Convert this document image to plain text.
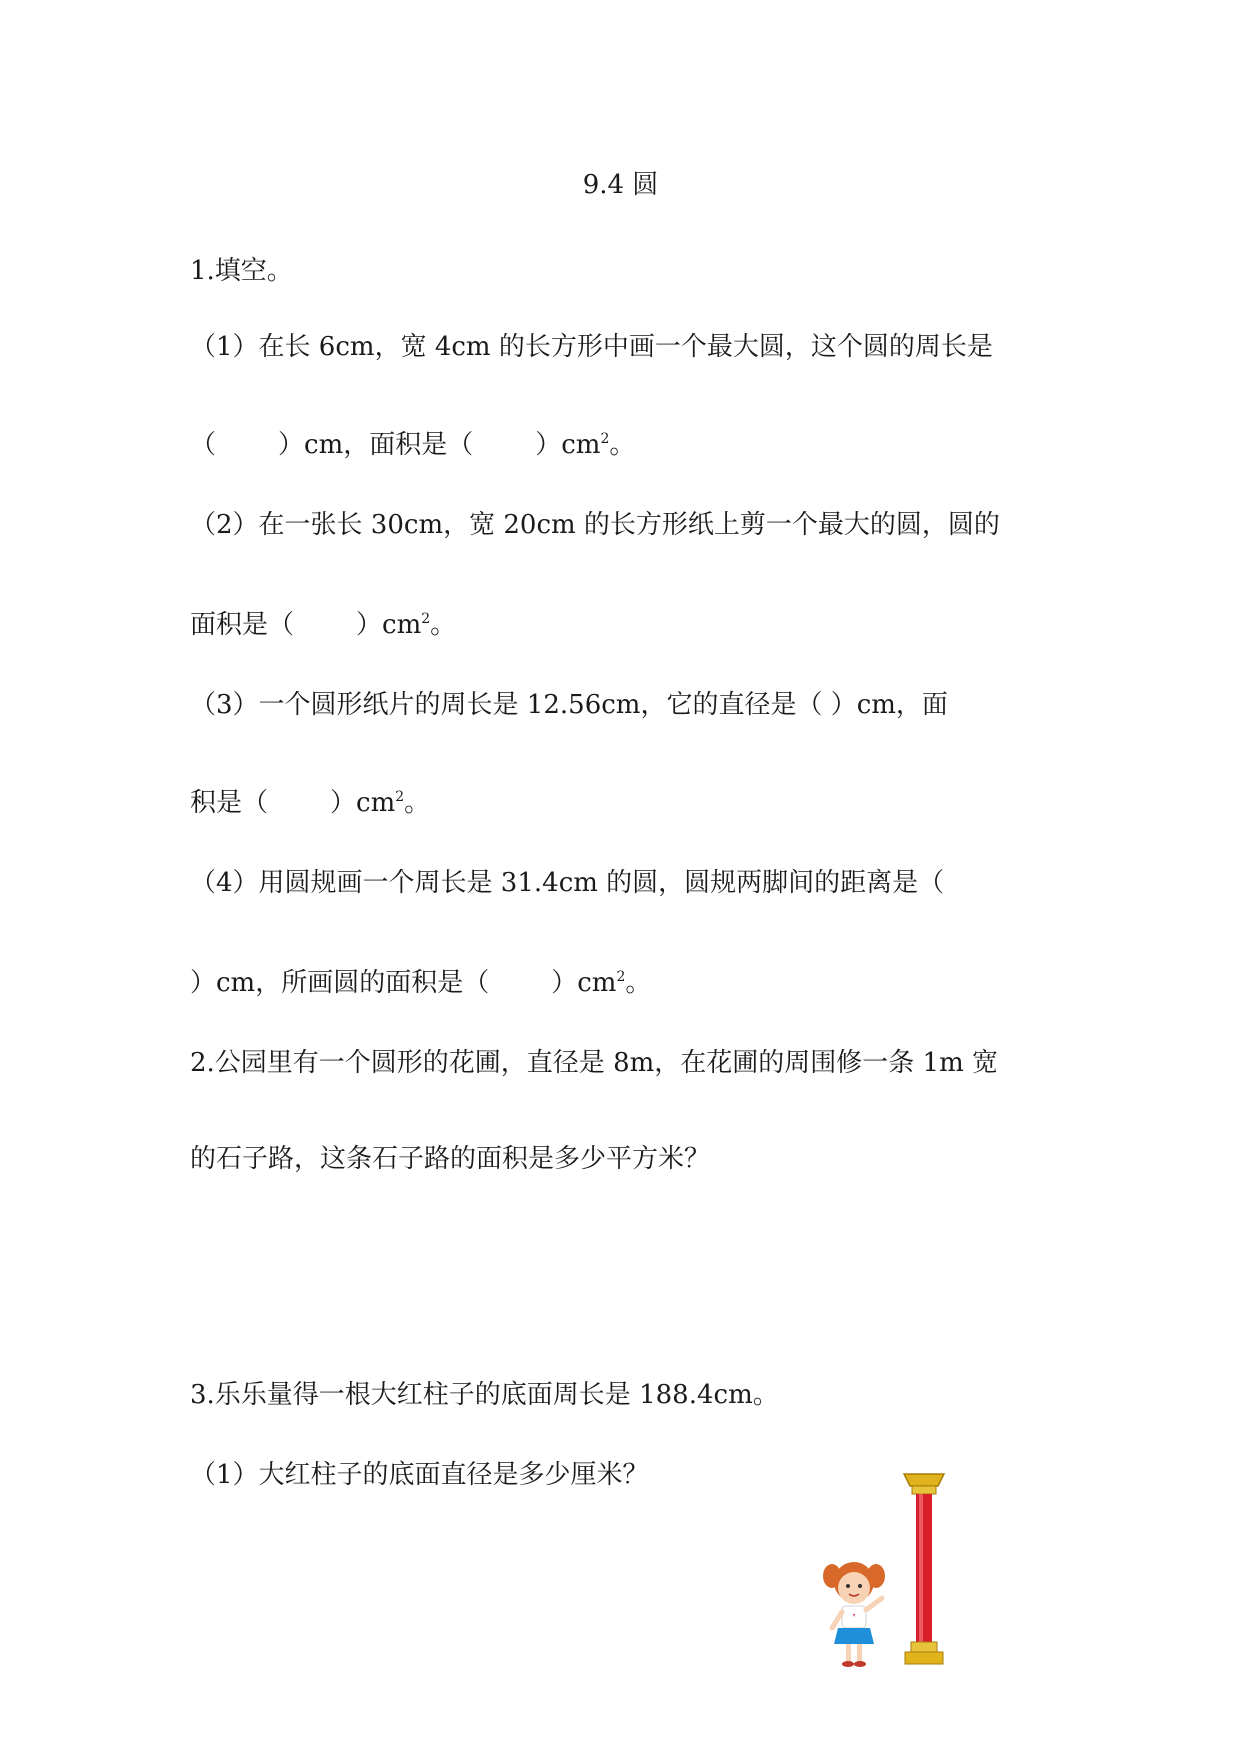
9.4 圆
1.填空。
（1）在长 6cm，宽 4cm 的长方形中画一个最大圆，这个圆的周长是
（ ）cm，面积是（ ）$cm^2$。
（2）在一张长 30cm，宽 20cm 的长方形纸上剪一个最大的圆，圆的
面积是（ ）$cm^2$。
（3）一个圆形纸片的周长是 12.56cm，它的直径是（ ）cm，面
积是（ ）$cm^2$。
（4）用圆规画一个周长是 31.4cm 的圆，圆规两脚间的距离是（
）cm，所画圆的面积是（ ）$cm^2$。
2.公园里有一个圆形的花圃，直径是 8m，在花圃的周围修一条 1m 宽
的石子路，这条石子路的面积是多少平方米？
3.乐乐量得一根大红柱子的底面周长是 188.4cm。
（1）大红柱子的底面直径是多少厘米？
